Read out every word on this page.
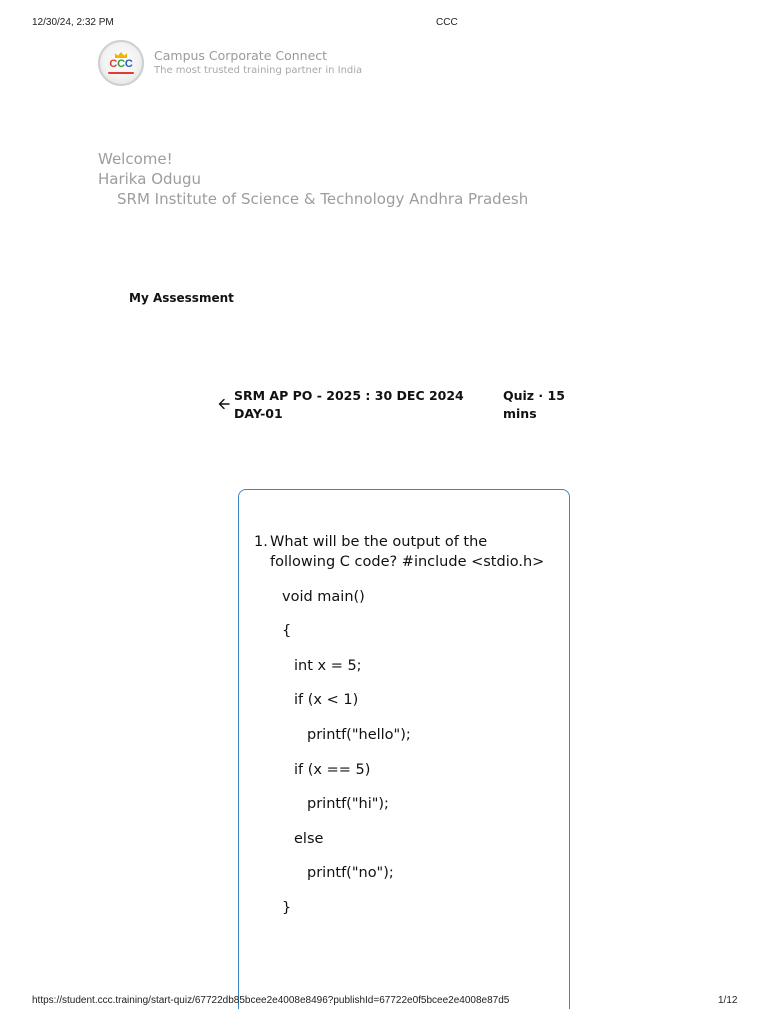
12/30/24, 2:32 PM	CCC
CCC
Campus Corporate Connect
The most trusted training partner in India
Welcome!
Harika Odugu
SRM Institute of Science & Technology Andhra Pradesh
My Assessment
SRM AP PO - 2025 : 30 DEC 2024
DAY-01
Quiz · 15
mins
1. What will be the output of the
following C code? #include <stdio.h>
void main()
{
int x = 5;
if (x < 1)
printf("hello");
if (x == 5)
printf("hi");
else
printf("no");
}
https://student.ccc.training/start-quiz/67722db85bcee2e4008e8496?publishId=67722e0f5bcee2e4008e87d5	1/12
